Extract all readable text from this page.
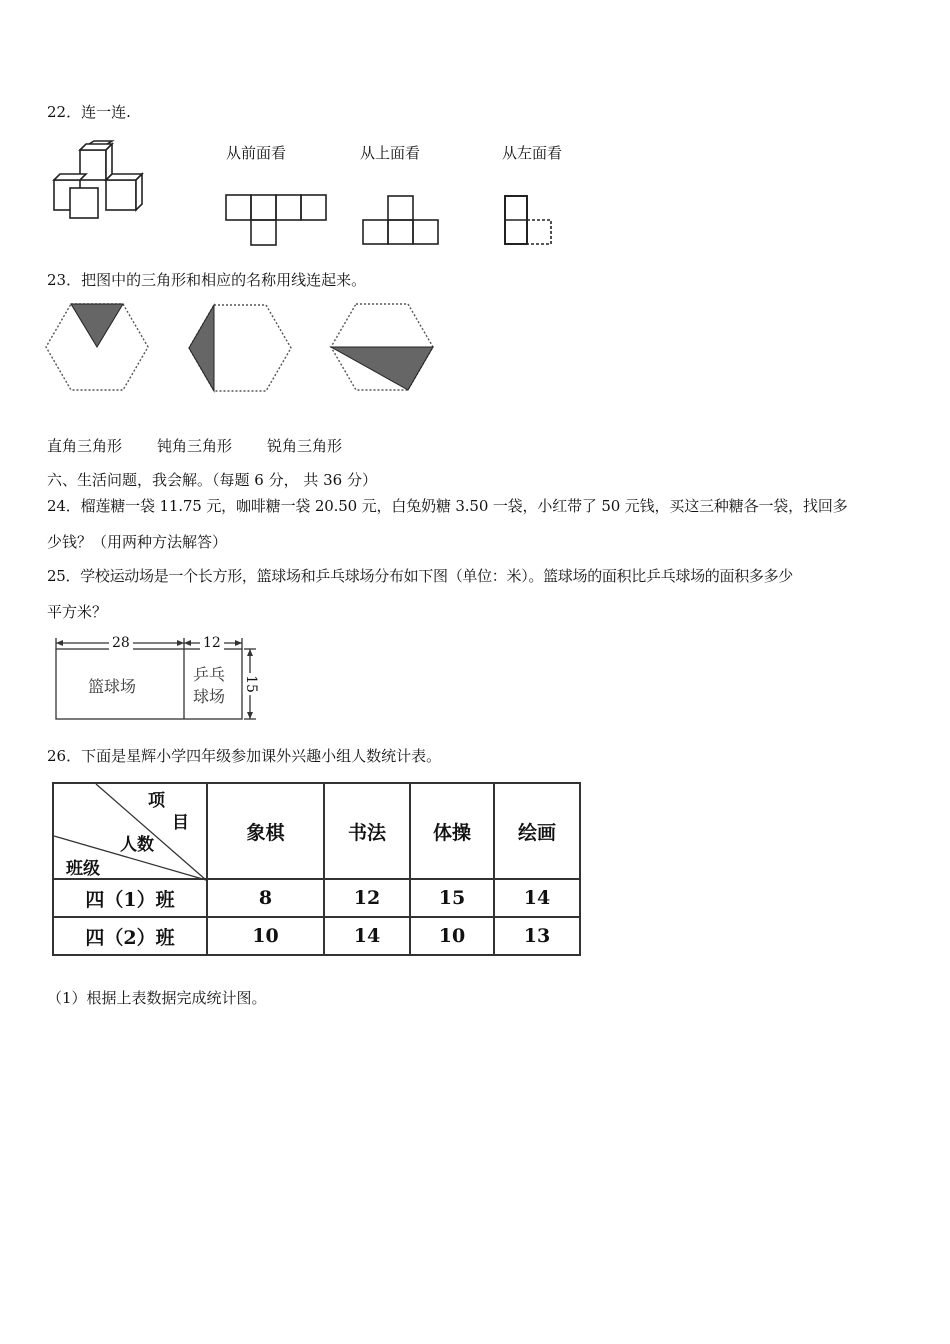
22．连一连.
从前面看	从上面看	从左面看
23．把图中的三角形和相应的名称用线连起来。
直角三角形 钝角三角形 锐角三角形
六、生活问题，我会解。（每题 6 分， 共 36 分）
24．榴莲糖一袋 11.75 元，咖啡糖一袋 20.50 元，白兔奶糖 3.50 一袋，小红带了 50 元钱，买这三种糖各一袋，找回多
少钱？（用两种方法解答）
25．学校运动场是一个长方形，篮球场和乒乓球场分布如下图（单位：米）。篮球场的面积比乒乓球场的面积多多少
平方米？
28	12
15
篮球场
乒乓
球场
26．下面是星辉小学四年级参加课外兴趣小组人数统计表。
项
目
人数
班级	象棋	书法	体操	绘画
四（1）班	8	12	15	14
四（2）班	10	14	10	13
（1）根据上表数据完成统计图。
